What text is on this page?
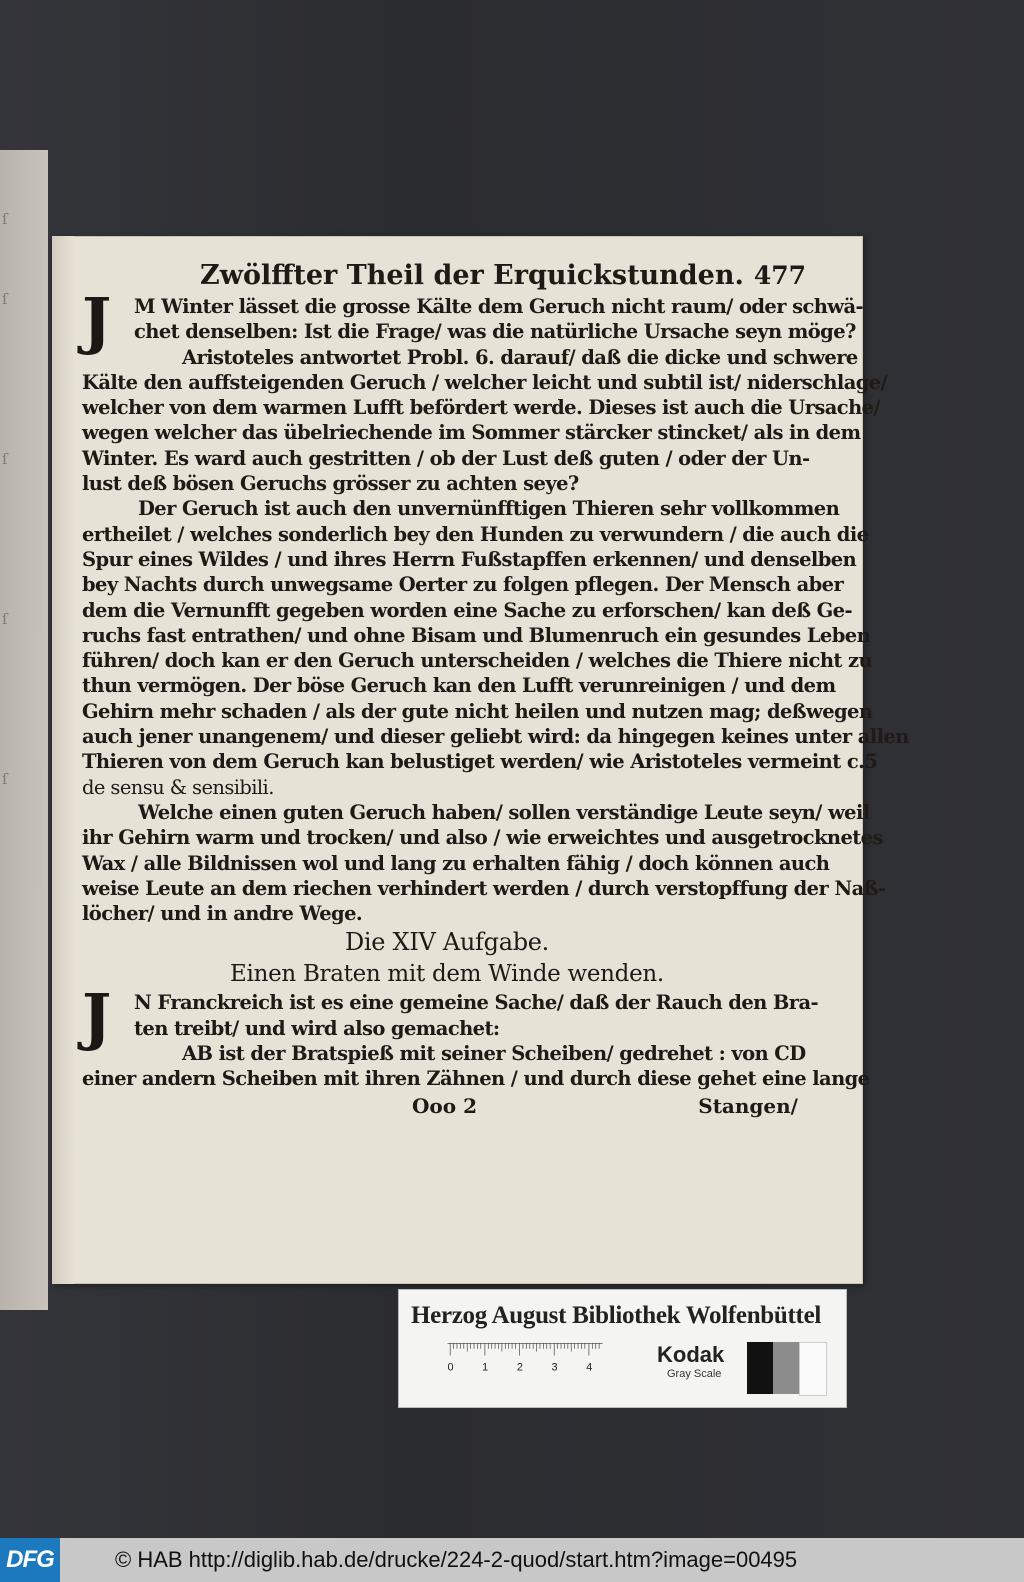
ſ
ſ
ſ
ſ
ſ
Zwölffter Theil der Erquickstunden. 477
J M Winter lässet die grosse Kälte dem Geruch nicht raum/ oder schwä-
chet denselben: Ist die Frage/ was die natürliche Ursache seyn möge?
Aristoteles antwortet Probl. 6. darauf/ daß die dicke und schwere
Kälte den auffsteigenden Geruch / welcher leicht und subtil ist/ niderschlage/
welcher von dem warmen Lufft befördert werde. Dieses ist auch die Ursache/
wegen welcher das übelriechende im Sommer stärcker stincket/ als in dem
Winter. Es ward auch gestritten / ob der Lust deß guten / oder der Un-
lust deß bösen Geruchs grösser zu achten seye?
Der Geruch ist auch den unvernünfftigen Thieren sehr vollkommen
ertheilet / welches sonderlich bey den Hunden zu verwundern / die auch die
Spur eines Wildes / und ihres Herrn Fußstapffen erkennen/ und denselben
bey Nachts durch unwegsame Oerter zu folgen pflegen. Der Mensch aber
dem die Vernunfft gegeben worden eine Sache zu erforschen/ kan deß Ge-
ruchs fast entrathen/ und ohne Bisam und Blumenruch ein gesundes Leben
führen/ doch kan er den Geruch unterscheiden / welches die Thiere nicht zu
thun vermögen. Der böse Geruch kan den Lufft verunreinigen / und dem
Gehirn mehr schaden / als der gute nicht heilen und nutzen mag; deßwegen
auch jener unangenem/ und dieser geliebt wird: da hingegen keines unter allen
Thieren von dem Geruch kan belustiget werden/ wie Aristoteles vermeint c.5
de sensu & sensibili.
Welche einen guten Geruch haben/ sollen verständige Leute seyn/ weil
ihr Gehirn warm und trocken/ und also / wie erweichtes und ausgetrocknetes
Wax / alle Bildnissen wol und lang zu erhalten fähig / doch können auch
weise Leute an dem riechen verhindert werden / durch verstopffung der Naß-
löcher/ und in andre Wege.
Die XIV Aufgabe.
Einen Braten mit dem Winde wenden.
J N Franckreich ist es eine gemeine Sache/ daß der Rauch den Bra-
ten treibt/ und wird also gemachet:
AB ist der Bratspieß mit seiner Scheiben/ gedrehet : von CD
einer andern Scheiben mit ihren Zähnen / und durch diese gehet eine lange
Ooo 2	Stangen/
Herzog August Bibliothek Wolfenbüttel
0 1 2 3 4
Kodak
Gray Scale
DFG	© HAB http://diglib.hab.de/drucke/224-2-quod/start.htm?image=00495
